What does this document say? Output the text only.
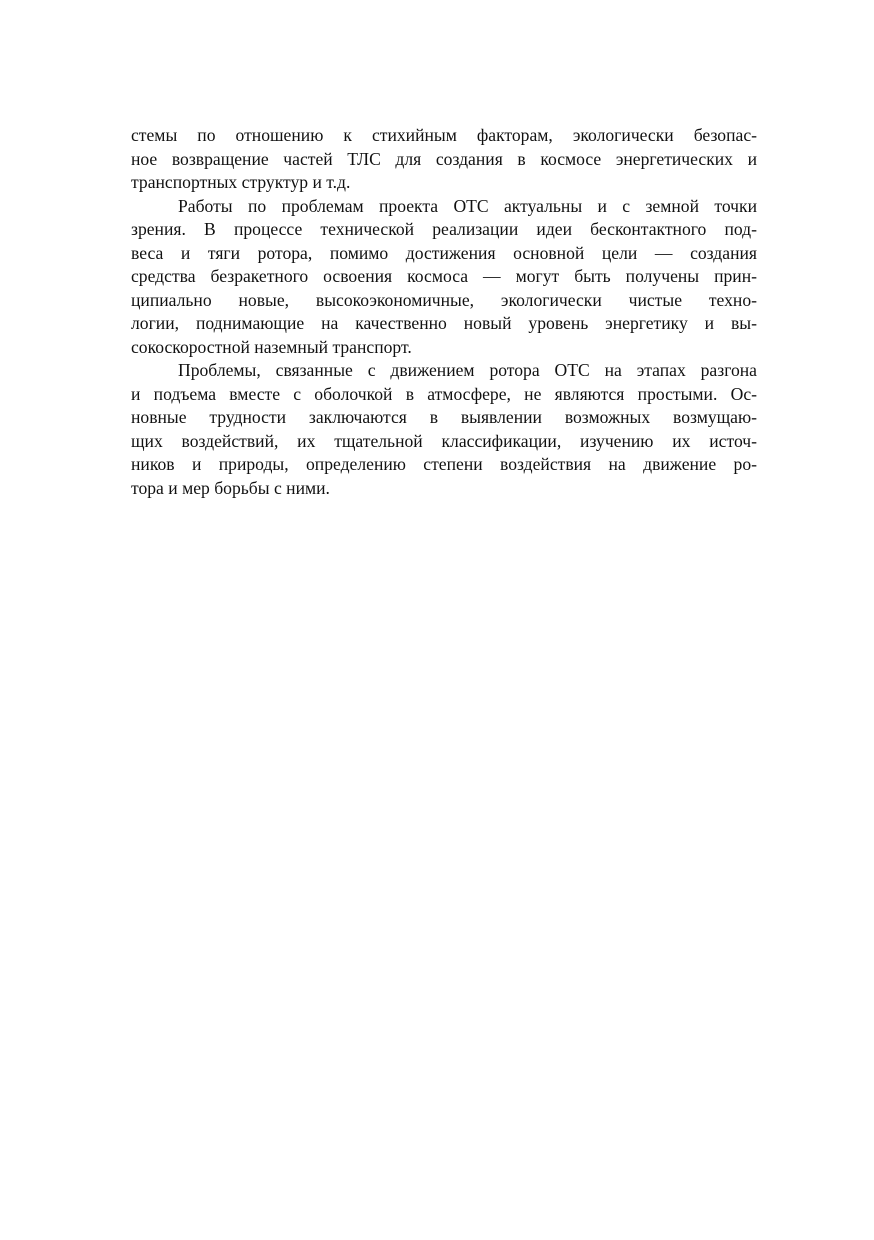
стемы по отношению к стихийным факторам, экологически безопас-
ное возвращение частей ТЛС для создания в космосе энергетических и
транспортных структур и т.д.
Работы по проблемам проекта ОТС актуальны и с земной точки
зрения. В процессе технической реализации идеи бесконтактного под-
веса и тяги ротора, помимо достижения основной цели — создания
средства безракетного освоения космоса — могут быть получены прин-
ципиально новые, высокоэкономичные, экологически чистые техно-
логии, поднимающие на качественно новый уровень энергетику и вы-
сокоскоростной наземный транспорт.
Проблемы, связанные с движением ротора ОТС на этапах разгона
и подъема вместе с оболочкой в атмосфере, не являются простыми. Ос-
новные трудности заключаются в выявлении возможных возмущаю-
щих воздействий, их тщательной классификации, изучению их источ-
ников и природы, определению степени воздействия на движение ро-
тора и мер борьбы с ними.
